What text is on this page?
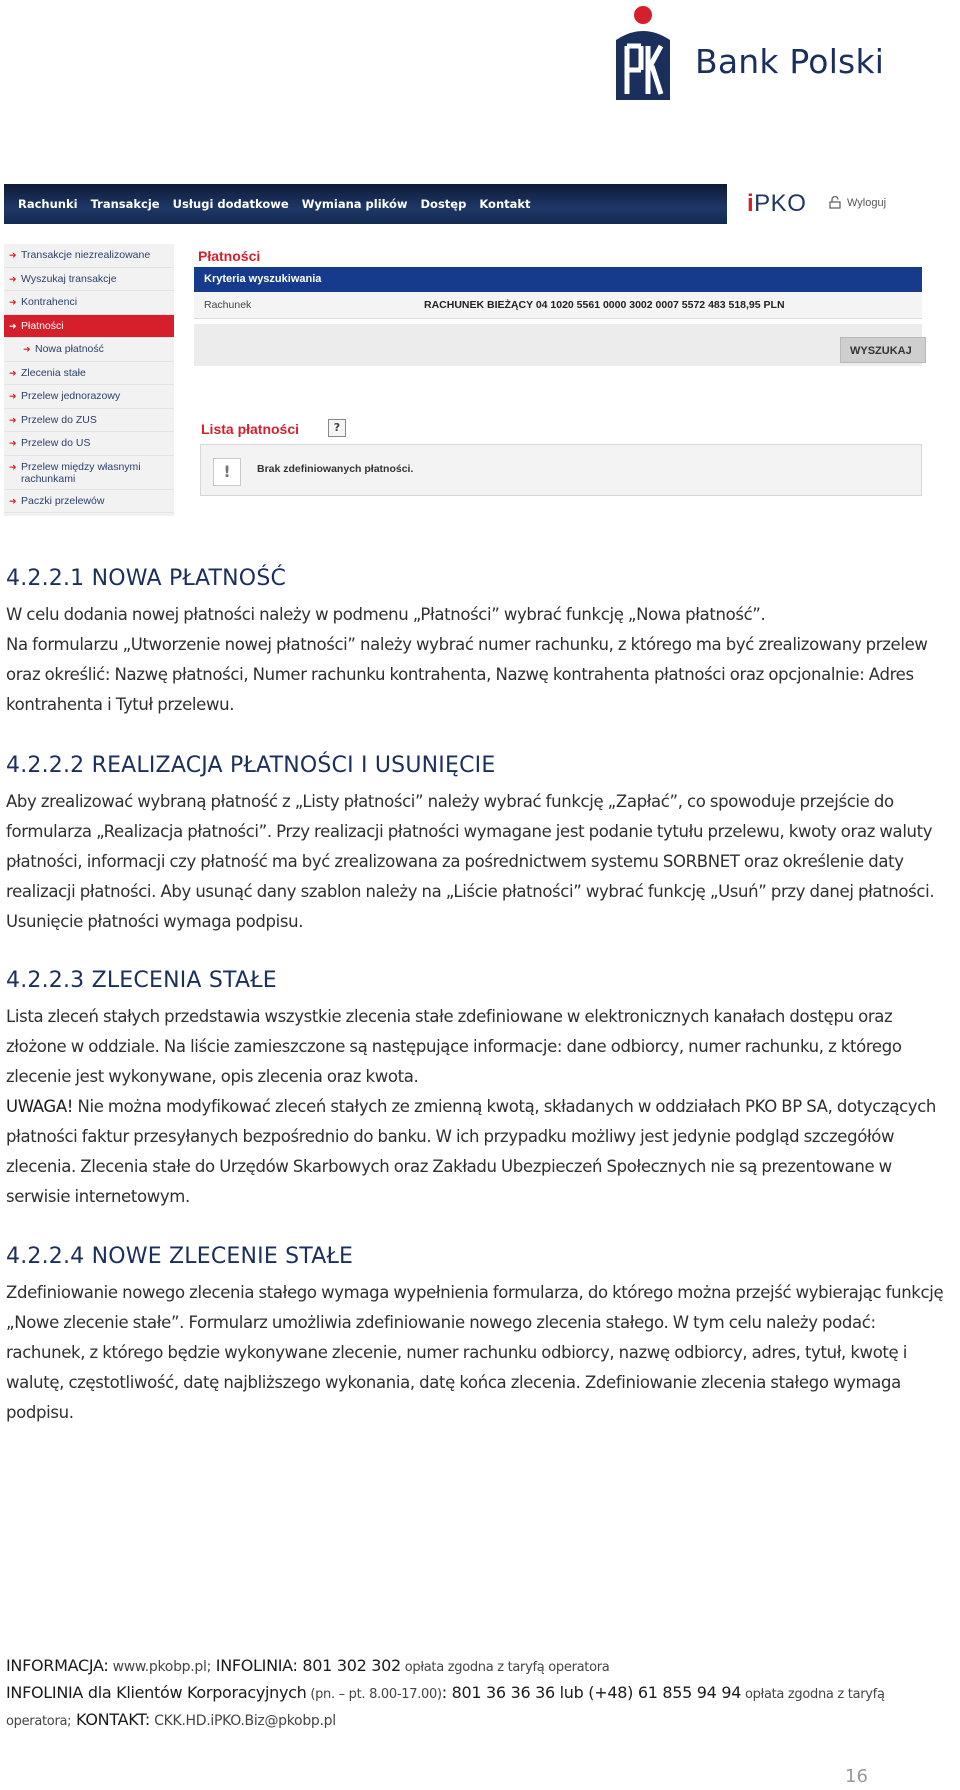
Bank Polski
Rachunki Transakcje Usługi dodatkowe Wymiana plików Dostęp Kontakt	iPKO	Wyloguj
➜ Transakcje niezrealizowane
➜ Wyszukaj transakcje
➜ Kontrahenci
➜ Płatności
➜ Nowa płatność
➜ Zlecenia stałe
➜ Przelew jednorazowy
➜ Przelew do ZUS
➜ Przelew do US
➜ Przelew między własnymi rachunkami
➜ Paczki przelewów
Płatności
Kryteria wyszukiwania
Rachunek	RACHUNEK BIEŻĄCY 04 1020 5561 0000 3002 0007 5572 483 518,95 PLN
WYSZUKAJ
Lista płatności	?
!	Brak zdefiniowanych płatności.
4.2.2.1 NOWA PŁATNOŚĆ

W celu dodania nowej płatności należy w podmenu „Płatności” wybrać funkcję „Nowa płatność”.

Na formularzu „Utworzenie nowej płatności” należy wybrać numer rachunku, z którego ma być zrealizowany przelew oraz określić: Nazwę płatności, Numer rachunku kontrahenta, Nazwę kontrahenta płatności oraz opcjonalnie: Adres kontrahenta i Tytuł przelewu.

4.2.2.2 REALIZACJA PŁATNOŚCI I USUNIĘCIE

Aby zrealizować wybraną płatność z „Listy płatności” należy wybrać funkcję „Zapłać”, co spowoduje przejście do formularza „Realizacja płatności”. Przy realizacji płatności wymagane jest podanie tytułu przelewu, kwoty oraz waluty płatności, informacji czy płatność ma być zrealizowana za pośrednictwem systemu SORBNET oraz określenie daty realizacji płatności. Aby usunąć dany szablon należy na „Liście płatności” wybrać funkcję „Usuń” przy danej płatności. Usunięcie płatności wymaga podpisu.

4.2.2.3 ZLECENIA STAŁE

Lista zleceń stałych przedstawia wszystkie zlecenia stałe zdefiniowane w elektronicznych kanałach dostępu oraz złożone w oddziale. Na liście zamieszczone są następujące informacje: dane odbiorcy, numer rachunku, z którego zlecenie jest wykonywane, opis zlecenia oraz kwota.

UWAGA! Nie można modyfikować zleceń stałych ze zmienną kwotą, składanych w oddziałach PKO BP SA, dotyczących płatności faktur przesyłanych bezpośrednio do banku. W ich przypadku możliwy jest jedynie podgląd szczegółów zlecenia. Zlecenia stałe do Urzędów Skarbowych oraz Zakładu Ubezpieczeń Społecznych nie są prezentowane w serwisie internetowym.

4.2.2.4 NOWE ZLECENIE STAŁE

Zdefiniowanie nowego zlecenia stałego wymaga wypełnienia formularza, do którego można przejść wybierając funkcję „Nowe zlecenie stałe”. Formularz umożliwia zdefiniowanie nowego zlecenia stałego. W tym celu należy podać: rachunek, z którego będzie wykonywane zlecenie, numer rachunku odbiorcy, nazwę odbiorcy, adres, tytuł, kwotę i walutę, częstotliwość, datę najbliższego wykonania, datę końca zlecenia. Zdefiniowanie zlecenia stałego wymaga podpisu.

INFORMACJA: www.pkobp.pl; INFOLINIA: 801 302 302 opłata zgodna z taryfą operatora
INFOLINIA dla Klientów Korporacyjnych (pn. – pt. 8.00-17.00): 801 36 36 36 lub (+48) 61 855 94 94 opłata zgodna z taryfą
operatora; KONTAKT: CKK.HD.iPKO.Biz@pkobp.pl
16
